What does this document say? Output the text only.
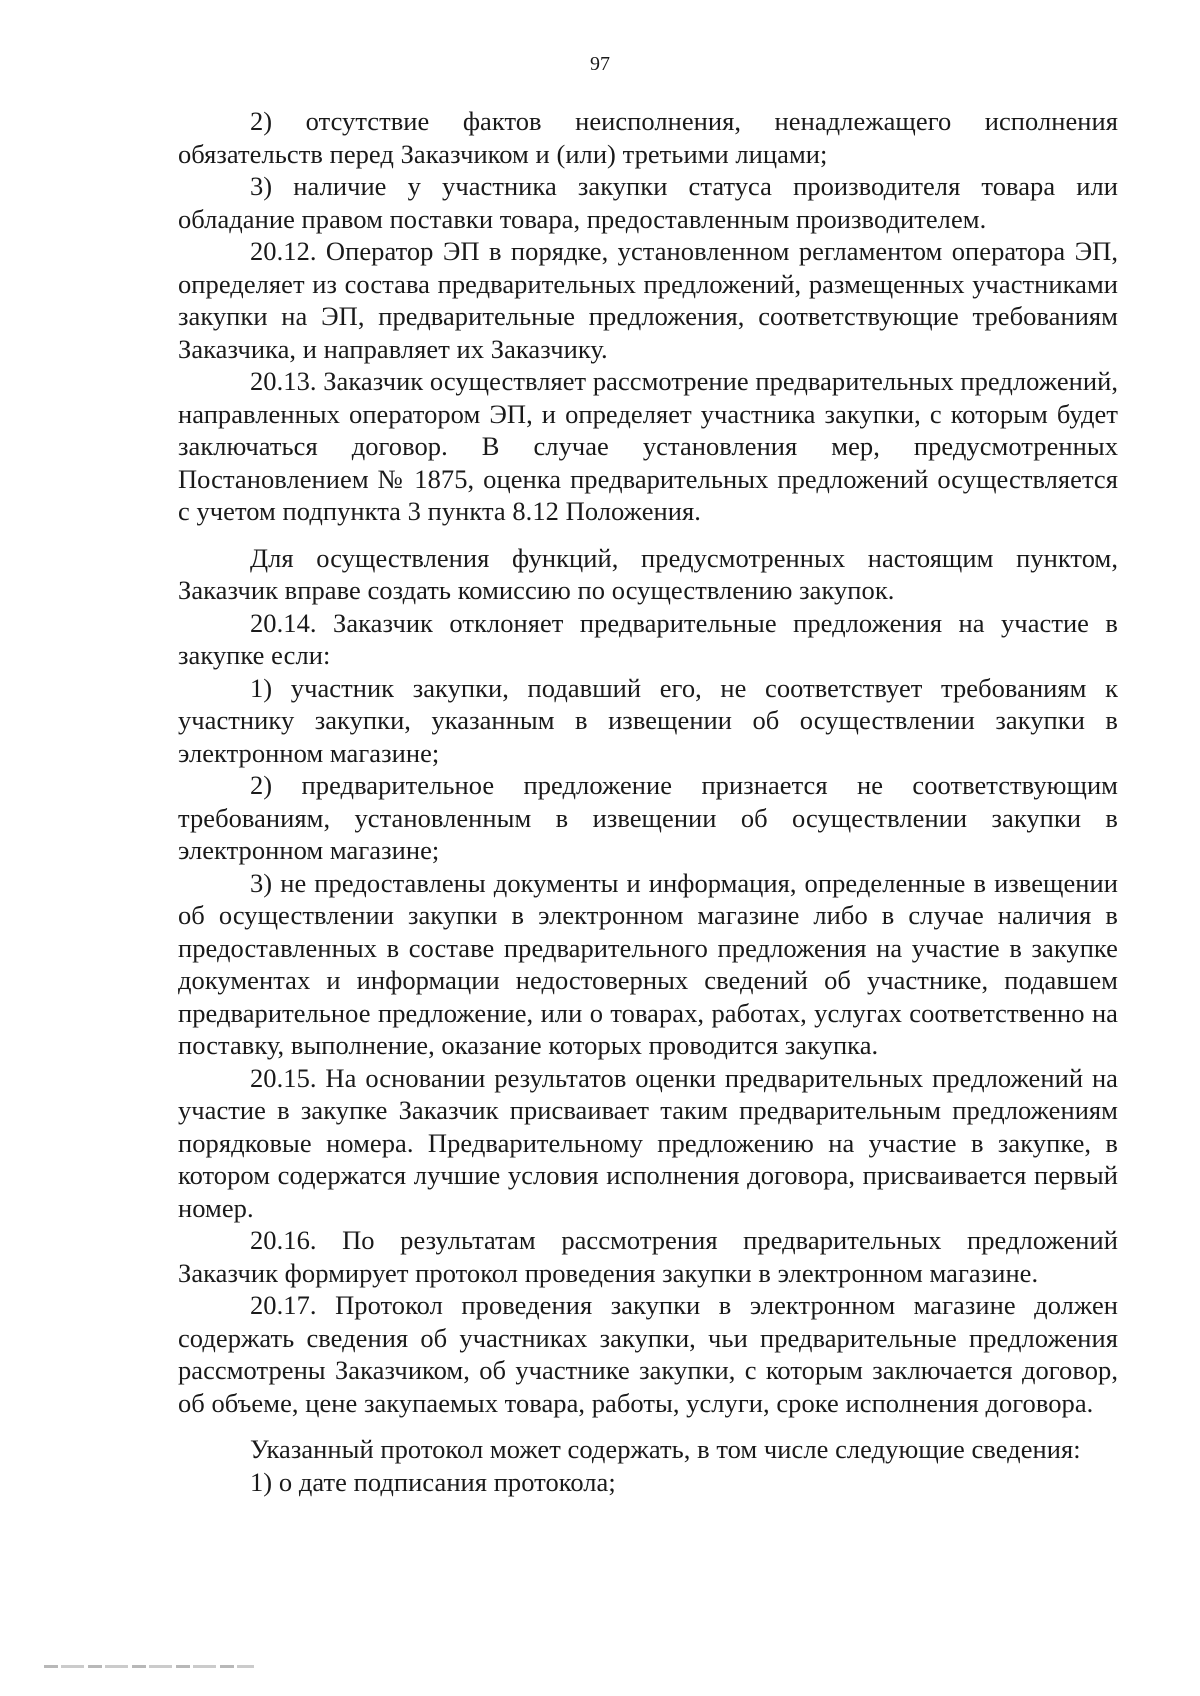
97

2) отсутствие фактов неисполнения, ненадлежащего исполнения обязательств перед Заказчиком и (или) третьими лицами;

3) наличие у участника закупки статуса производителя товара или обладание правом поставки товара, предоставленным производителем.

20.12. Оператор ЭП в порядке, установленном регламентом оператора ЭП, определяет из состава предварительных предложений, размещенных участниками закупки на ЭП, предварительные предложения, соответствующие требованиям Заказчика, и направляет их Заказчику.

20.13. Заказчик осуществляет рассмотрение предварительных предложений, направленных оператором ЭП, и определяет участника закупки, с которым будет заключаться договор. В случае установления мер, предусмотренных Постановлением № 1875, оценка предварительных предложений осуществляется с учетом подпункта 3 пункта 8.12 Положения.

Для осуществления функций, предусмотренных настоящим пунктом, Заказчик вправе создать комиссию по осуществлению закупок.

20.14. Заказчик отклоняет предварительные предложения на участие в закупке если:

1) участник закупки, подавший его, не соответствует требованиям к участнику закупки, указанным в извещении об осуществлении закупки в электронном магазине;

2) предварительное предложение признается не соответствующим требованиям, установленным в извещении об осуществлении закупки в электронном магазине;

3) не предоставлены документы и информация, определенные в извещении об осуществлении закупки в электронном магазине либо в случае наличия в предоставленных в составе предварительного предложения на участие в закупке документах и информации недостоверных сведений об участнике, подавшем предварительное предложение, или о товарах, работах, услугах соответственно на поставку, выполнение, оказание которых проводится закупка.

20.15. На основании результатов оценки предварительных предложений на участие в закупке Заказчик присваивает таким предварительным предложениям порядковые номера. Предварительному предложению на участие в закупке, в котором содержатся лучшие условия исполнения договора, присваивается первый номер.

20.16. По результатам рассмотрения предварительных предложений Заказчик формирует протокол проведения закупки в электронном магазине.

20.17. Протокол проведения закупки в электронном магазине должен содержать сведения об участниках закупки, чьи предварительные предложения рассмотрены Заказчиком, об участнике закупки, с которым заключается договор, об объеме, цене закупаемых товара, работы, услуги, сроке исполнения договора.

Указанный протокол может содержать, в том числе следующие сведения:

1) о дате подписания протокола;
